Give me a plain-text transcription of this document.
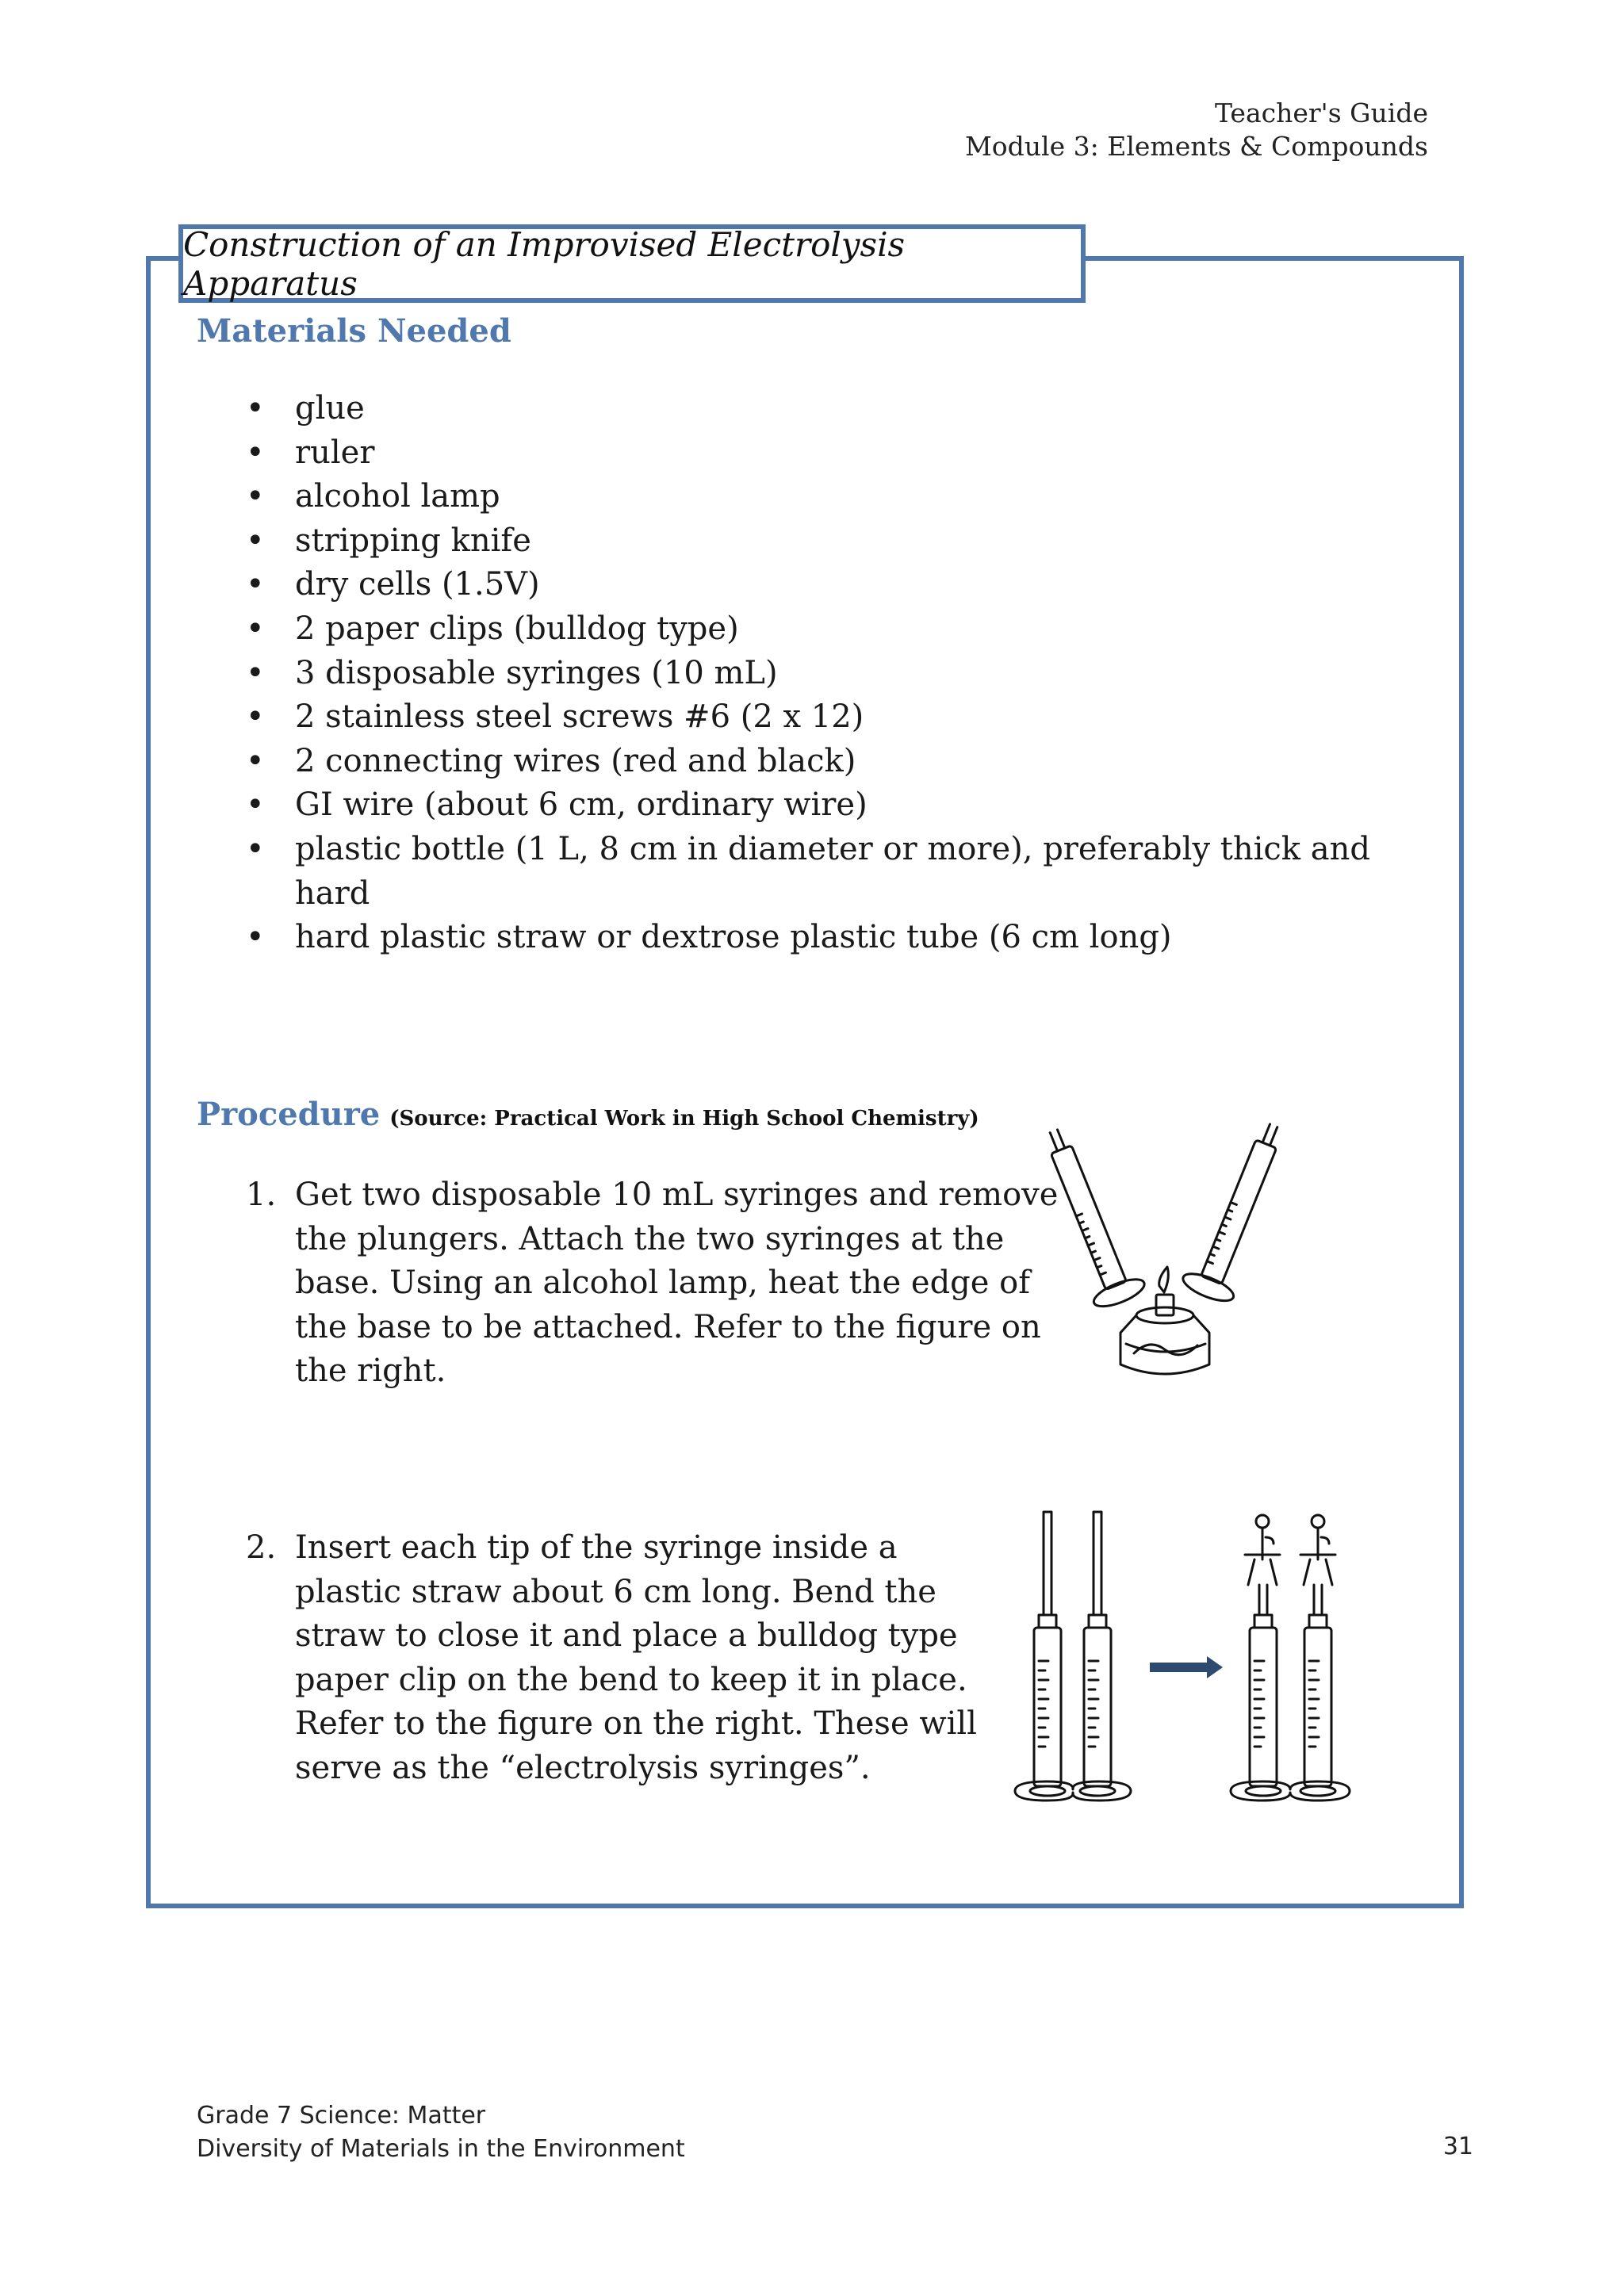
Teacher's Guide
Module 3: Elements & Compounds
Construction of an Improvised Electrolysis Apparatus
Materials Needed
• glue
• ruler
• alcohol lamp
• stripping knife
• dry cells (1.5V)
• 2 paper clips (bulldog type)
• 3 disposable syringes (10 mL)
• 2 stainless steel screws #6 (2 x 12)
• 2 connecting wires (red and black)
• GI wire (about 6 cm, ordinary wire)
• plastic bottle (1 L, 8 cm in diameter or more), preferably thick and hard
• hard plastic straw or dextrose plastic tube (6 cm long)
Procedure (Source: Practical Work in High School Chemistry)
1. Get two disposable 10 mL syringes and remove the plungers. Attach the two syringes at the base. Using an alcohol lamp, heat the edge of the base to be attached. Refer to the figure on the right.
2. Insert each tip of the syringe inside a plastic straw about 6 cm long. Bend the straw to close it and place a bulldog type paper clip on the bend to keep it in place. Refer to the figure on the right. These will serve as the “electrolysis syringes”.
Grade 7 Science: Matter
Diversity of Materials in the Environment	31
